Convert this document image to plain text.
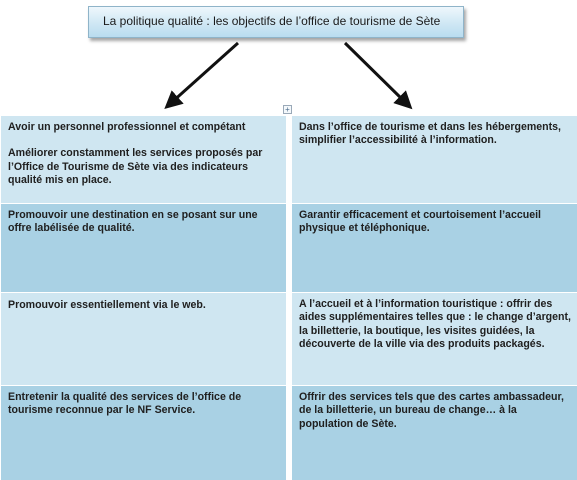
La politique qualité : les objectifs de l’office de tourisme de Sète
+

Avoir un personnel professionnel et compétant

Améliorer constamment les services proposés par l’Office de Tourisme de Sète via des indicateurs qualité mis en place.

Promouvoir une destination en se posant sur une offre labélisée de qualité.

Promouvoir essentiellement via le web.

Entretenir la qualité des services de l’office de tourisme reconnue par le NF Service.

Dans l’office de tourisme et dans les hébergements, simplifier l’accessibilité à l’information.

Garantir efficacement et courtoisement l’accueil physique et téléphonique.

A l’accueil et à l’information touristique : offrir des aides supplémentaires telles que : le change d’argent, la billetterie, la boutique, les visites guidées, la découverte de la ville via des produits packagés.

Offrir des services tels que des cartes ambassadeur, de la billetterie, un bureau de change… à la population de Sète.
